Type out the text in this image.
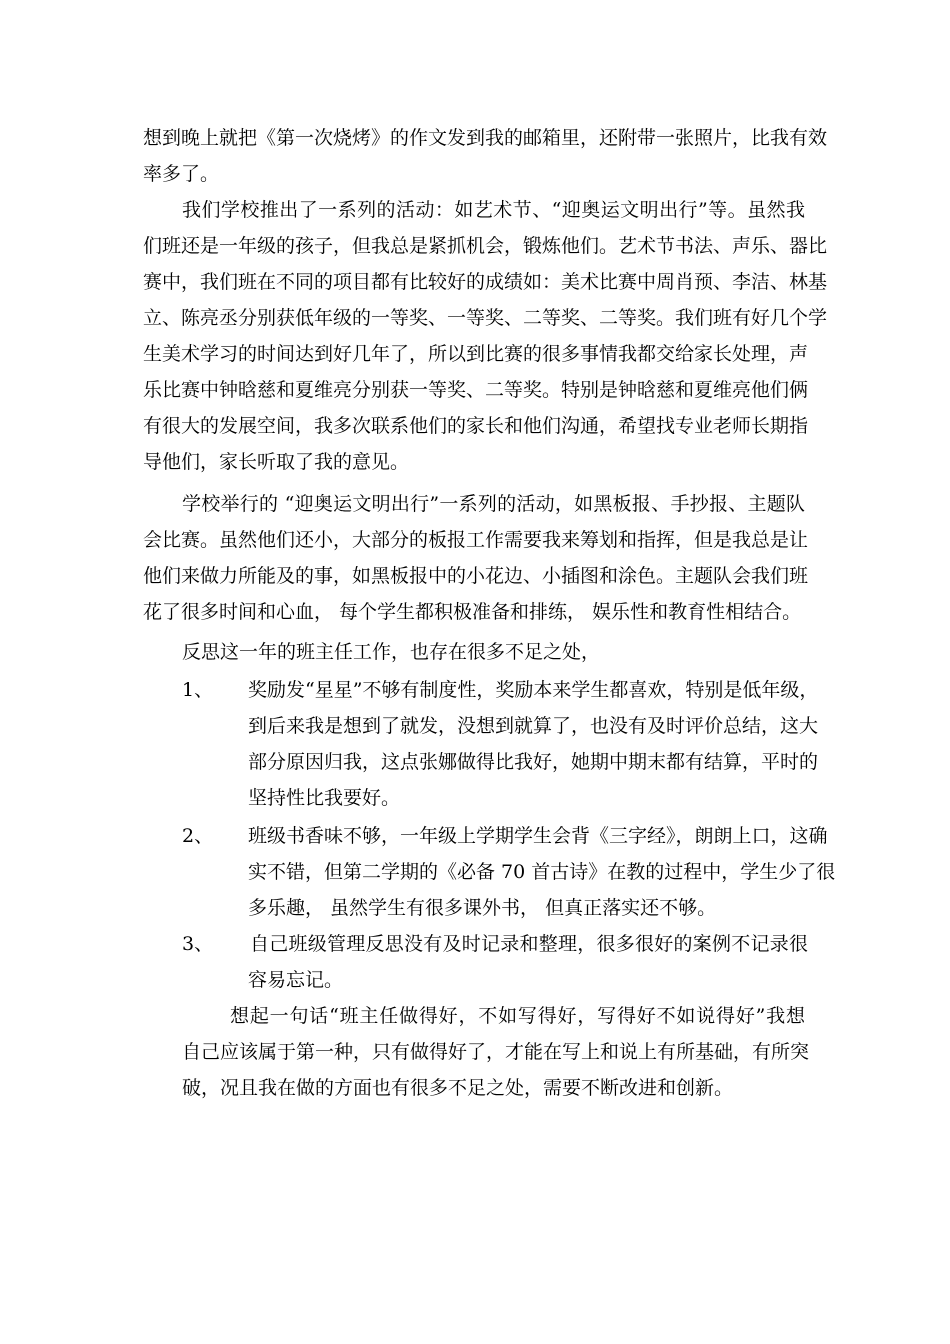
想到晚上就把《第一次烧烤》的作文发到我的邮箱里，还附带一张照片，比我有效
率多了。
我们学校推出了一系列的活动：如艺术节、“迎奥运文明出行”等。虽然我
们班还是一年级的孩子，但我总是紧抓机会，锻炼他们。艺术节书法、声乐、器比
赛中，我们班在不同的项目都有比较好的成绩如：美术比赛中周肖预、李洁、林基
立、陈亮丞分别获低年级的一等奖、一等奖、二等奖、二等奖。我们班有好几个学
生美术学习的时间达到好几年了，所以到比赛的很多事情我都交给家长处理，声
乐比赛中钟晗慈和夏维亮分别获一等奖、二等奖。特别是钟晗慈和夏维亮他们俩
有很大的发展空间，我多次联系他们的家长和他们沟通，希望找专业老师长期指
导他们，家长听取了我的意见。
学校举行的 “迎奥运文明出行”一系列的活动，如黑板报、手抄报、主题队
会比赛。虽然他们还小，大部分的板报工作需要我来筹划和指挥，但是我总是让
他们来做力所能及的事，如黑板报中的小花边、小插图和涂色。主题队会我们班
花了很多时间和心血， 每个学生都积极准备和排练， 娱乐性和教育性相结合。
反思这一年的班主任工作，也存在很多不足之处，
1、 奖励发“星星”不够有制度性，奖励本来学生都喜欢，特别是低年级，
到后来我是想到了就发，没想到就算了，也没有及时评价总结，这大
部分原因归我，这点张娜做得比我好，她期中期末都有结算，平时的
坚持性比我要好。
2、 班级书香味不够，一年级上学期学生会背《三字经》，朗朗上口，这确
实不错，但第二学期的《必备 70 首古诗》在教的过程中，学生少了很
多乐趣， 虽然学生有很多课外书， 但真正落实还不够。
3、 自己班级管理反思没有及时记录和整理，很多很好的案例不记录很
容易忘记。
想起一句话“班主任做得好，不如写得好，写得好不如说得好”我想
自己应该属于第一种，只有做得好了，才能在写上和说上有所基础，有所突
破，况且我在做的方面也有很多不足之处，需要不断改进和创新。
